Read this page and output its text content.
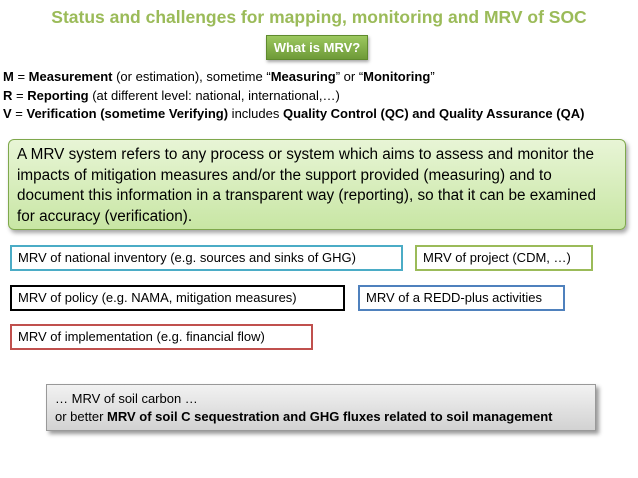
Status and challenges for mapping, monitoring and MRV of SOC
What is MRV?
M = Measurement (or estimation), sometime “Measuring” or “Monitoring”
R = Reporting (at different level: national, international,…)
V = Verification (sometime Verifying) includes Quality Control (QC) and Quality Assurance (QA)
A MRV system refers to any process or system which aims to assess and monitor the impacts of mitigation measures and/or the support provided (measuring) and to document this information in a transparent way (reporting), so that it can be examined for accuracy (verification).
MRV of national inventory (e.g. sources and sinks of GHG)	MRV of project (CDM, …)
MRV of policy (e.g. NAMA, mitigation measures)	MRV of a REDD-plus activities
MRV of implementation (e.g. financial flow)
… MRV of soil carbon …
or better MRV of soil C sequestration and GHG fluxes related to soil management
